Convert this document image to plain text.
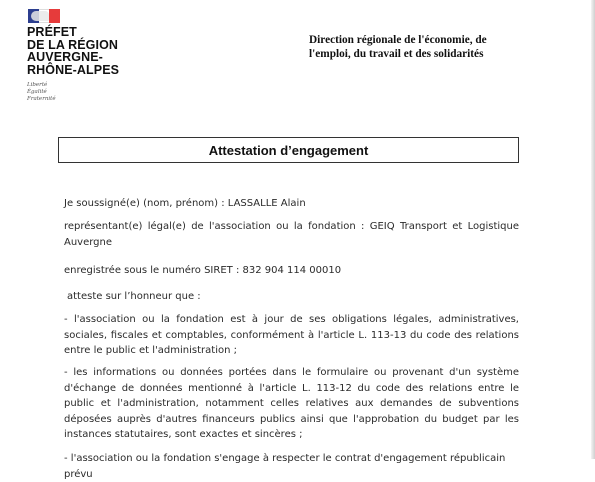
PRÉFET
DE LA RÉGION
AUVERGNE-
RHÔNE-ALPES
Liberté
Égalité
Fraternité
Direction régionale de l'économie, de
l'emploi, du travail et des solidarités
Attestation d’engagement
Je soussigné(e) (nom, prénom) : LASSALLE Alain
représentant(e) légal(e) de l'association ou la fondation : GEIQ Transport et Logistique Auvergne
enregistrée sous le numéro SIRET : 832 904 114 00010
atteste sur l’honneur que :
- l'association ou la fondation est à jour de ses obligations légales, administratives, sociales, fiscales et comptables, conformément à l'article L. 113-13 du code des relations entre le public et l'administration ;
- les informations ou données portées dans le formulaire ou provenant d'un système d'échange de données mentionné à l'article L. 113-12 du code des relations entre le public et l'administration, notamment celles relatives aux demandes de subventions déposées auprès d'autres financeurs publics ainsi que l'approbation du budget par les instances statutaires, sont exactes et sincères ;
- l'association ou la fondation s'engage à respecter le contrat d'engagement républicain prévu
